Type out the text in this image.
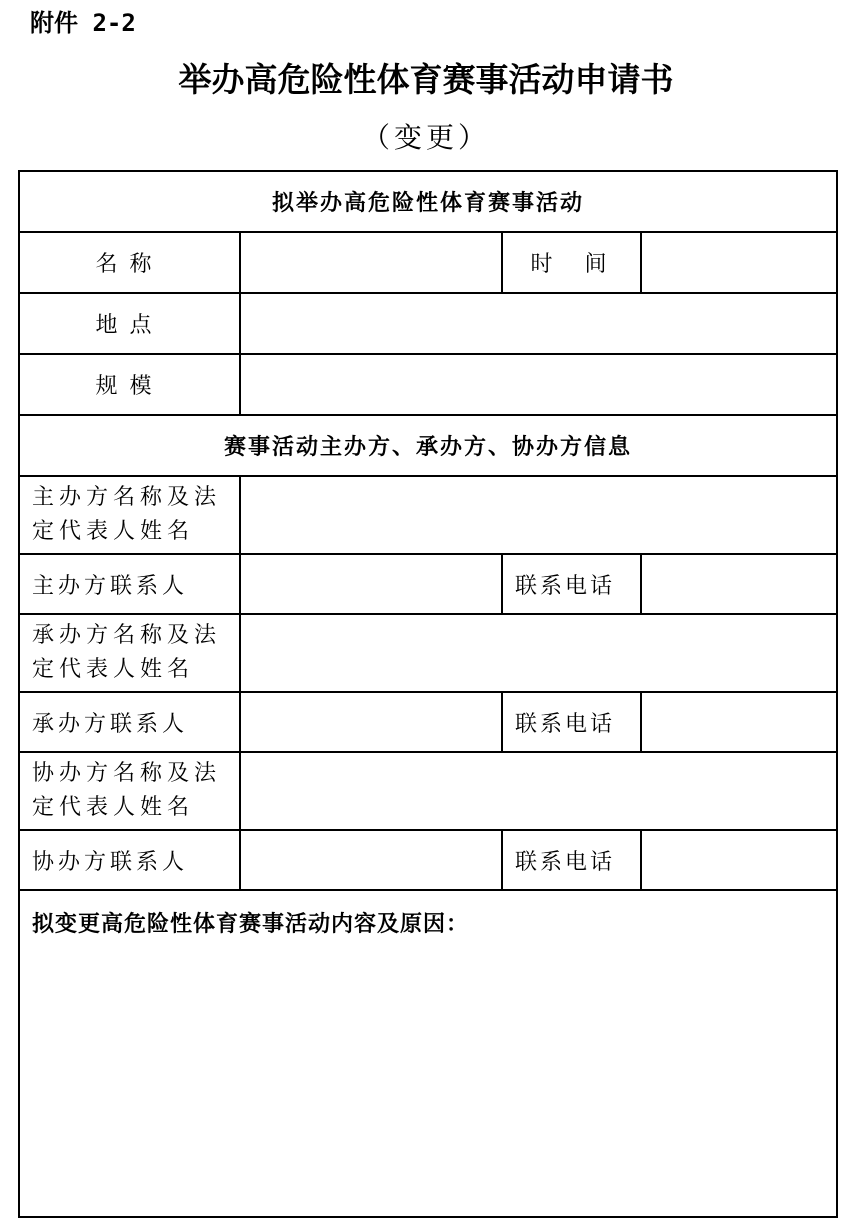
附件 2-2
举办高危险性体育赛事活动申请书
（变更）
拟举办高危险性体育赛事活动			
名称		时  间	
地点			
规模			
赛事活动主办方、承办方、协办方信息			
主办方名称及法定代表人姓名			
主办方联系人		联系电话	
承办方名称及法定代表人姓名			
承办方联系人		联系电话	
协办方名称及法定代表人姓名			
协办方联系人		联系电话	
拟变更高危险性体育赛事活动内容及原因：			
